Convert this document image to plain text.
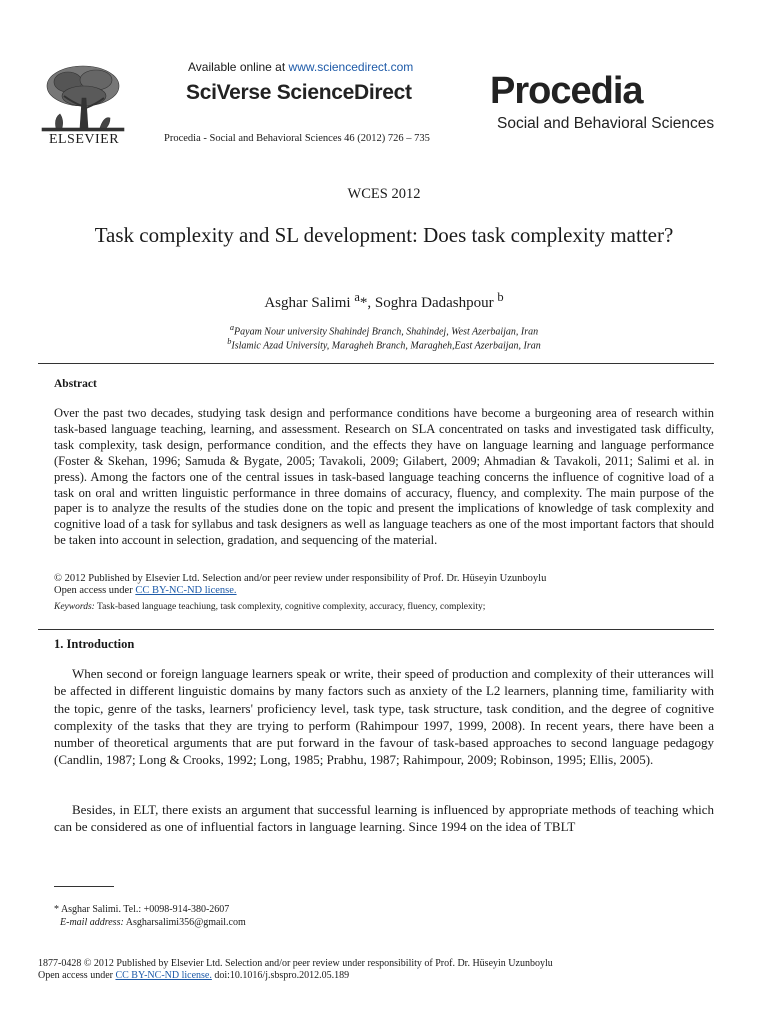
ELSEVIER
Available online at www.sciencedirect.com
SciVerse ScienceDirect
Procedia - Social and Behavioral Sciences 46 (2012) 726 – 735
Procedia
Social and Behavioral Sciences
WCES 2012
Task complexity and SL development: Does task complexity matter?
Asghar Salimi $^a$*, Soghra Dadashpour $^b$
$^a$Payam Nour university Shahindej Branch, Shahindej, West Azerbaijan, Iran
$^b$Islamic Azad University, Maragheh Branch, Maragheh,East Azerbaijan, Iran
Abstract
Over the past two decades, studying task design and performance conditions have become a burgeoning area of research within task-based language teaching, learning, and assessment. Research on SLA concentrated on tasks and investigated task difficulty, task complexity, task design, performance condition, and the effects they have on language learning and language performance (Foster & Skehan, 1996; Samuda & Bygate, 2005; Tavakoli, 2009; Gilabert, 2009; Ahmadian & Tavakoli, 2011; Salimi et al. in press). Among the factors one of the central issues in task-based language teaching concerns the influence of cognitive load of a task on oral and written linguistic performance in three domains of accuracy, fluency, and complexity. The main purpose of the paper is to analyze the results of the studies done on the topic and present the implications of knowledge of task complexity and cognitive load of a task for syllabus and task designers as well as language teachers as one of the most important factors that should be taken into account in selection, gradation, and sequencing of the material.
© 2012 Published by Elsevier Ltd. Selection and/or peer review under responsibility of Prof. Dr. Hüseyin Uzunboylu
Open access under CC BY-NC-ND license.
Keywords: Task-based language teachiung, task complexity, cognitive complexity, accuracy, fluency, complexity;
1. Introduction
When second or foreign language learners speak or write, their speed of production and complexity of their utterances will be affected in different linguistic domains by many factors such as anxiety of the L2 learners, planning time, familiarity with the topic, genre of the tasks, learners' proficiency level, task type, task structure, task condition, and the degree of cognitive complexity of the tasks that they are trying to perform (Rahimpour 1997, 1999, 2008). In recent years, there have been a number of theoretical arguments that are put forward in the favour of task-based approaches to second language pedagogy (Candlin, 1987; Long & Crooks, 1992; Long, 1985; Prabhu, 1987; Rahimpour, 2009; Robinson, 1995; Ellis, 2005).
Besides, in ELT, there exists an argument that successful learning is influenced by appropriate methods of teaching which can be considered as one of influential factors in language learning. Since 1994 on the idea of TBLT
* Asghar Salimi. Tel.: +0098-914-380-2607
E-mail address: Asgharsalimi356@gmail.com
1877-0428 © 2012 Published by Elsevier Ltd. Selection and/or peer review under responsibility of Prof. Dr. Hüseyin Uzunboylu
Open access under CC BY-NC-ND license. doi:10.1016/j.sbspro.2012.05.189
